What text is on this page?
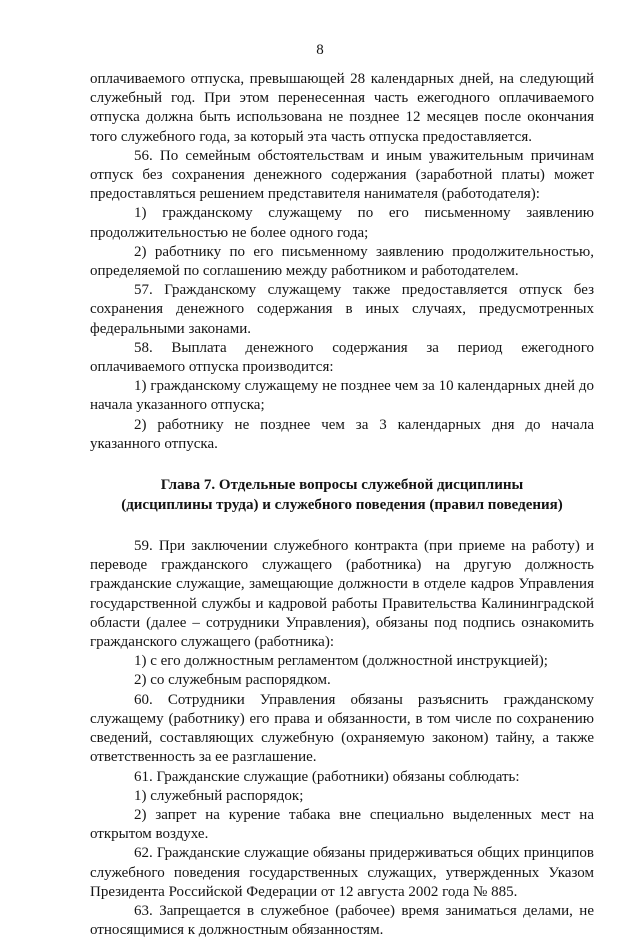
8

оплачиваемого отпуска, превышающей 28 календарных дней, на следующий служебный год. При этом перенесенная часть ежегодного оплачиваемого отпуска должна быть использована не позднее 12 месяцев после окончания того служебного года, за который эта часть отпуска предоставляется.

56. По семейным обстоятельствам и иным уважительным причинам отпуск без сохранения денежного содержания (заработной платы) может предоставляться решением представителя нанимателя (работодателя):

1) гражданскому служащему по его письменному заявлению продолжительностью не более одного года;

2) работнику по его письменному заявлению продолжительностью, определяемой по соглашению между работником и работодателем.

57. Гражданскому служащему также предоставляется отпуск без сохранения денежного содержания в иных случаях, предусмотренных федеральными законами.

58. Выплата денежного содержания за период ежегодного оплачиваемого отпуска производится:

1) гражданскому служащему не позднее чем за 10 календарных дней до начала указанного отпуска;

2) работнику не позднее чем за 3 календарных дня до начала указанного отпуска.

Глава 7. Отдельные вопросы служебной дисциплины
(дисциплины труда) и служебного поведения (правил поведения)

59. При заключении служебного контракта (при приеме на работу) и переводе гражданского служащего (работника) на другую должность гражданские служащие, замещающие должности в отделе кадров Управления государственной службы и кадровой работы Правительства Калининградской области (далее – сотрудники Управления), обязаны под подпись ознакомить гражданского служащего (работника):

1) с его должностным регламентом (должностной инструкцией);

2) со служебным распорядком.

60. Сотрудники Управления обязаны разъяснить гражданскому служащему (работнику) его права и обязанности, в том числе по сохранению сведений, составляющих служебную (охраняемую законом) тайну, а также ответственность за ее разглашение.

61. Гражданские служащие (работники) обязаны соблюдать:

1) служебный распорядок;

2) запрет на курение табака вне специально выделенных мест на открытом воздухе.

62. Гражданские служащие обязаны придерживаться общих принципов служебного поведения государственных служащих, утвержденных Указом Президента Российской Федерации от 12 августа 2002 года № 885.

63. Запрещается в служебное (рабочее) время заниматься делами, не относящимися к должностным обязанностям.
